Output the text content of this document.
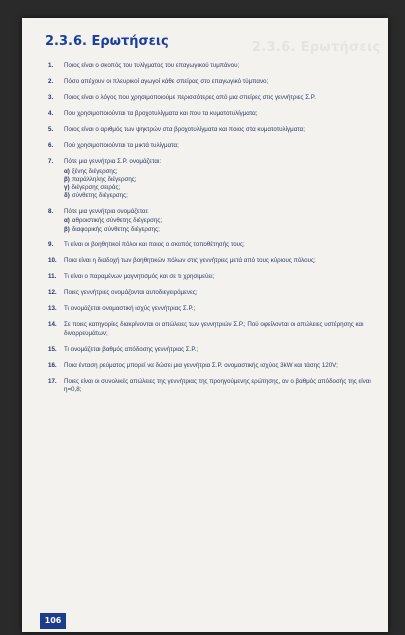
2.3.6. Ερωτήσεις
2.3.6. Ερωτήσεις
1. Ποιος είναι ο σκοπός του τυλίγματος του επαγωγικού τυμπάνου;
2. Πόσο απέχουν οι πλευρικοί αγωγοί κάθε σπείρας στο επαγωγικό τύμπανο;
3. Ποιος είναι ο λόγος που χρησιμοποιούμε περισσότερες από μια σπείρες στις γεννήτριες Σ.Ρ.
4. Που χρησιμοποιούνται τα βροχοτυλίγματα και που τα κυματοτυλίγματα;
5. Ποιος είναι ο αριθμός των ψηκτρών στα βροχοτυλίγματα και ποιος στα κυματοτυλίγματα;
6. Πού χρησιμοποιούνται τα μικτά τυλίγματα;
7. Πότε μια γεννήτρια Σ.Ρ. ονομάζεται:
α) ξένης διέγερσης;
β) παράλληλης διέγερσης;
γ) διέγερσης σειράς;
δ) σύνθετης διέγερσης;
8. Πότε μια γεννήτρια ονομάζεται:
α) αθροιστικής σύνθετης διέγερσης;
β) διαφορικής σύνθετης διέγερσης;
9. Τι είναι οι βοηθητικοί πόλοι και ποιος ο σκοπός τοποθέτησής τους;
10. Ποια είναι η διαδοχή των βοηθητικών πόλων στις γεννήτριες μετά από τους κύριους πόλους;
11. Τι είναι ο παραμένων μαγνητισμός και σε τι χρησιμεύει;
12. Ποιες γεννήτριες ονομάζονται αυτοδιεγειρόμενες;
13. Τι ονομάζεται ονομαστική ισχύς γεννήτριας Σ.Ρ.;
14. Σε ποιες κατηγορίες διακρίνονται οι απώλειες των γεννητριών Σ.Ρ.; Πού οφείλονται οι απώλειες υστέρησης και δινορρευμάτων;
15. Τι ονομάζεται βαθμός απόδοσης γεννήτριας Σ.Ρ.;
16. Ποια ένταση ρεύματος μπορεί να δώσει μια γεννήτρια Σ.Ρ. ονομαστικής ισχύος 3kW και τάσης 120V;
17. Ποιες είναι οι συνολικές απώλειες της γεννήτριας της προηγούμενης ερώτησης, αν ο βαθμός απόδοσής της είναι η=0,8;
106
